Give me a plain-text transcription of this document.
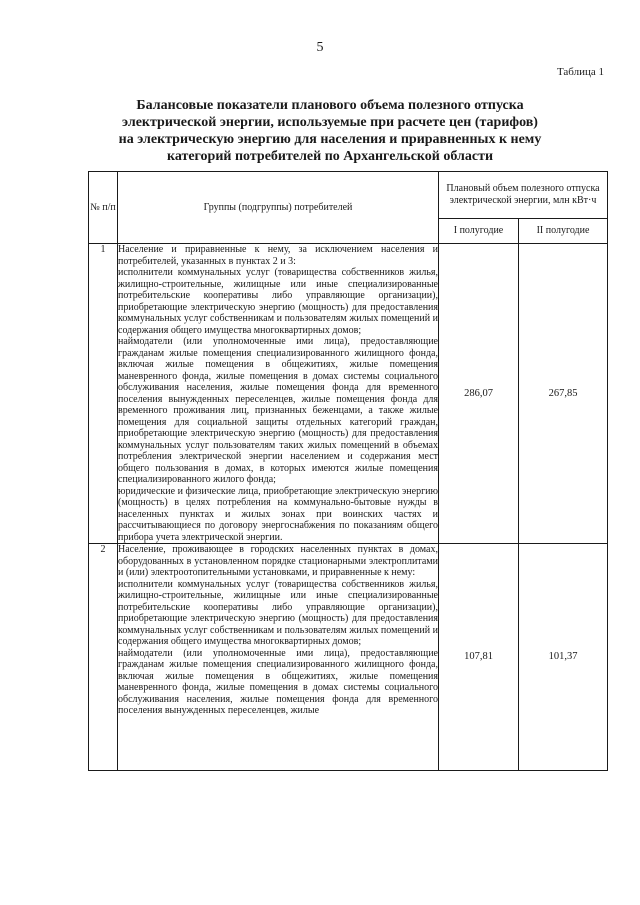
5
Таблица 1
Балансовые показатели планового объема полезного отпуска
электрической энергии, используемые при расчете цен (тарифов)
на электрическую энергию для населения и приравненных к нему
категорий потребителей по Архангельской области
№ п/п	Группы (подгруппы) потребителей	Плановый объем полезного отпуска электрической энергии, млн кВт·ч	
		I полугодие	II полугодие
1	Население и приравненные к нему, за исключением населения и потребителей, указанных в пунктах 2 и 3:

исполнители коммунальных услуг (товарищества собственников жилья, жилищно-строительные, жилищные или иные специализированные потребительские кооперативы либо управляющие организации), приобретающие электрическую энергию (мощность) для предоставления коммунальных услуг собственникам и пользователям жилых помещений и содержания общего имущества многоквартирных домов;

наймодатели (или уполномоченные ими лица), предоставляющие гражданам жилые помещения специализированного жилищного фонда, включая жилые помещения в общежитиях, жилые помещения маневренного фонда, жилые помещения в домах системы социального обслуживания населения, жилые помещения фонда для временного поселения вынужденных переселенцев, жилые помещения фонда для временного проживания лиц, признанных беженцами, а также жилые помещения для социальной защиты отдельных категорий граждан, приобретающие электрическую энергию (мощность) для предоставления коммунальных услуг пользователям таких жилых помещений в объемах потребления электрической энергии населением и содержания мест общего пользования в домах, в которых имеются жилые помещения специализированного жилого фонда;

юридические и физические лица, приобретающие электрическую энергию (мощность) в целях потребления на коммунально-бытовые нужды в населенных пунктах и жилых зонах при воинских частях и рассчитывающиеся по договору энергоснабжения по показаниям общего прибора учета электрической энергии.	286,07	267,85
2	Население, проживающее в городских населенных пунктах в домах, оборудованных в установленном порядке стационарными электроплитами и (или) электроотопительными установками, и приравненные к нему:

исполнители коммунальных услуг (товарищества собственников жилья, жилищно-строительные, жилищные или иные специализированные потребительские кооперативы либо управляющие организации), приобретающие электрическую энергию (мощность) для предоставления коммунальных услуг собственникам и пользователям жилых помещений и содержания общего имущества многоквартирных домов;

наймодатели (или уполномоченные ими лица), предоставляющие гражданам жилые помещения специализированного жилищного фонда, включая жилые помещения в общежитиях, жилые помещения маневренного фонда, жилые помещения в домах системы социального обслуживания населения, жилые помещения фонда для временного поселения вынужденных переселенцев, жилые	107,81	101,37
